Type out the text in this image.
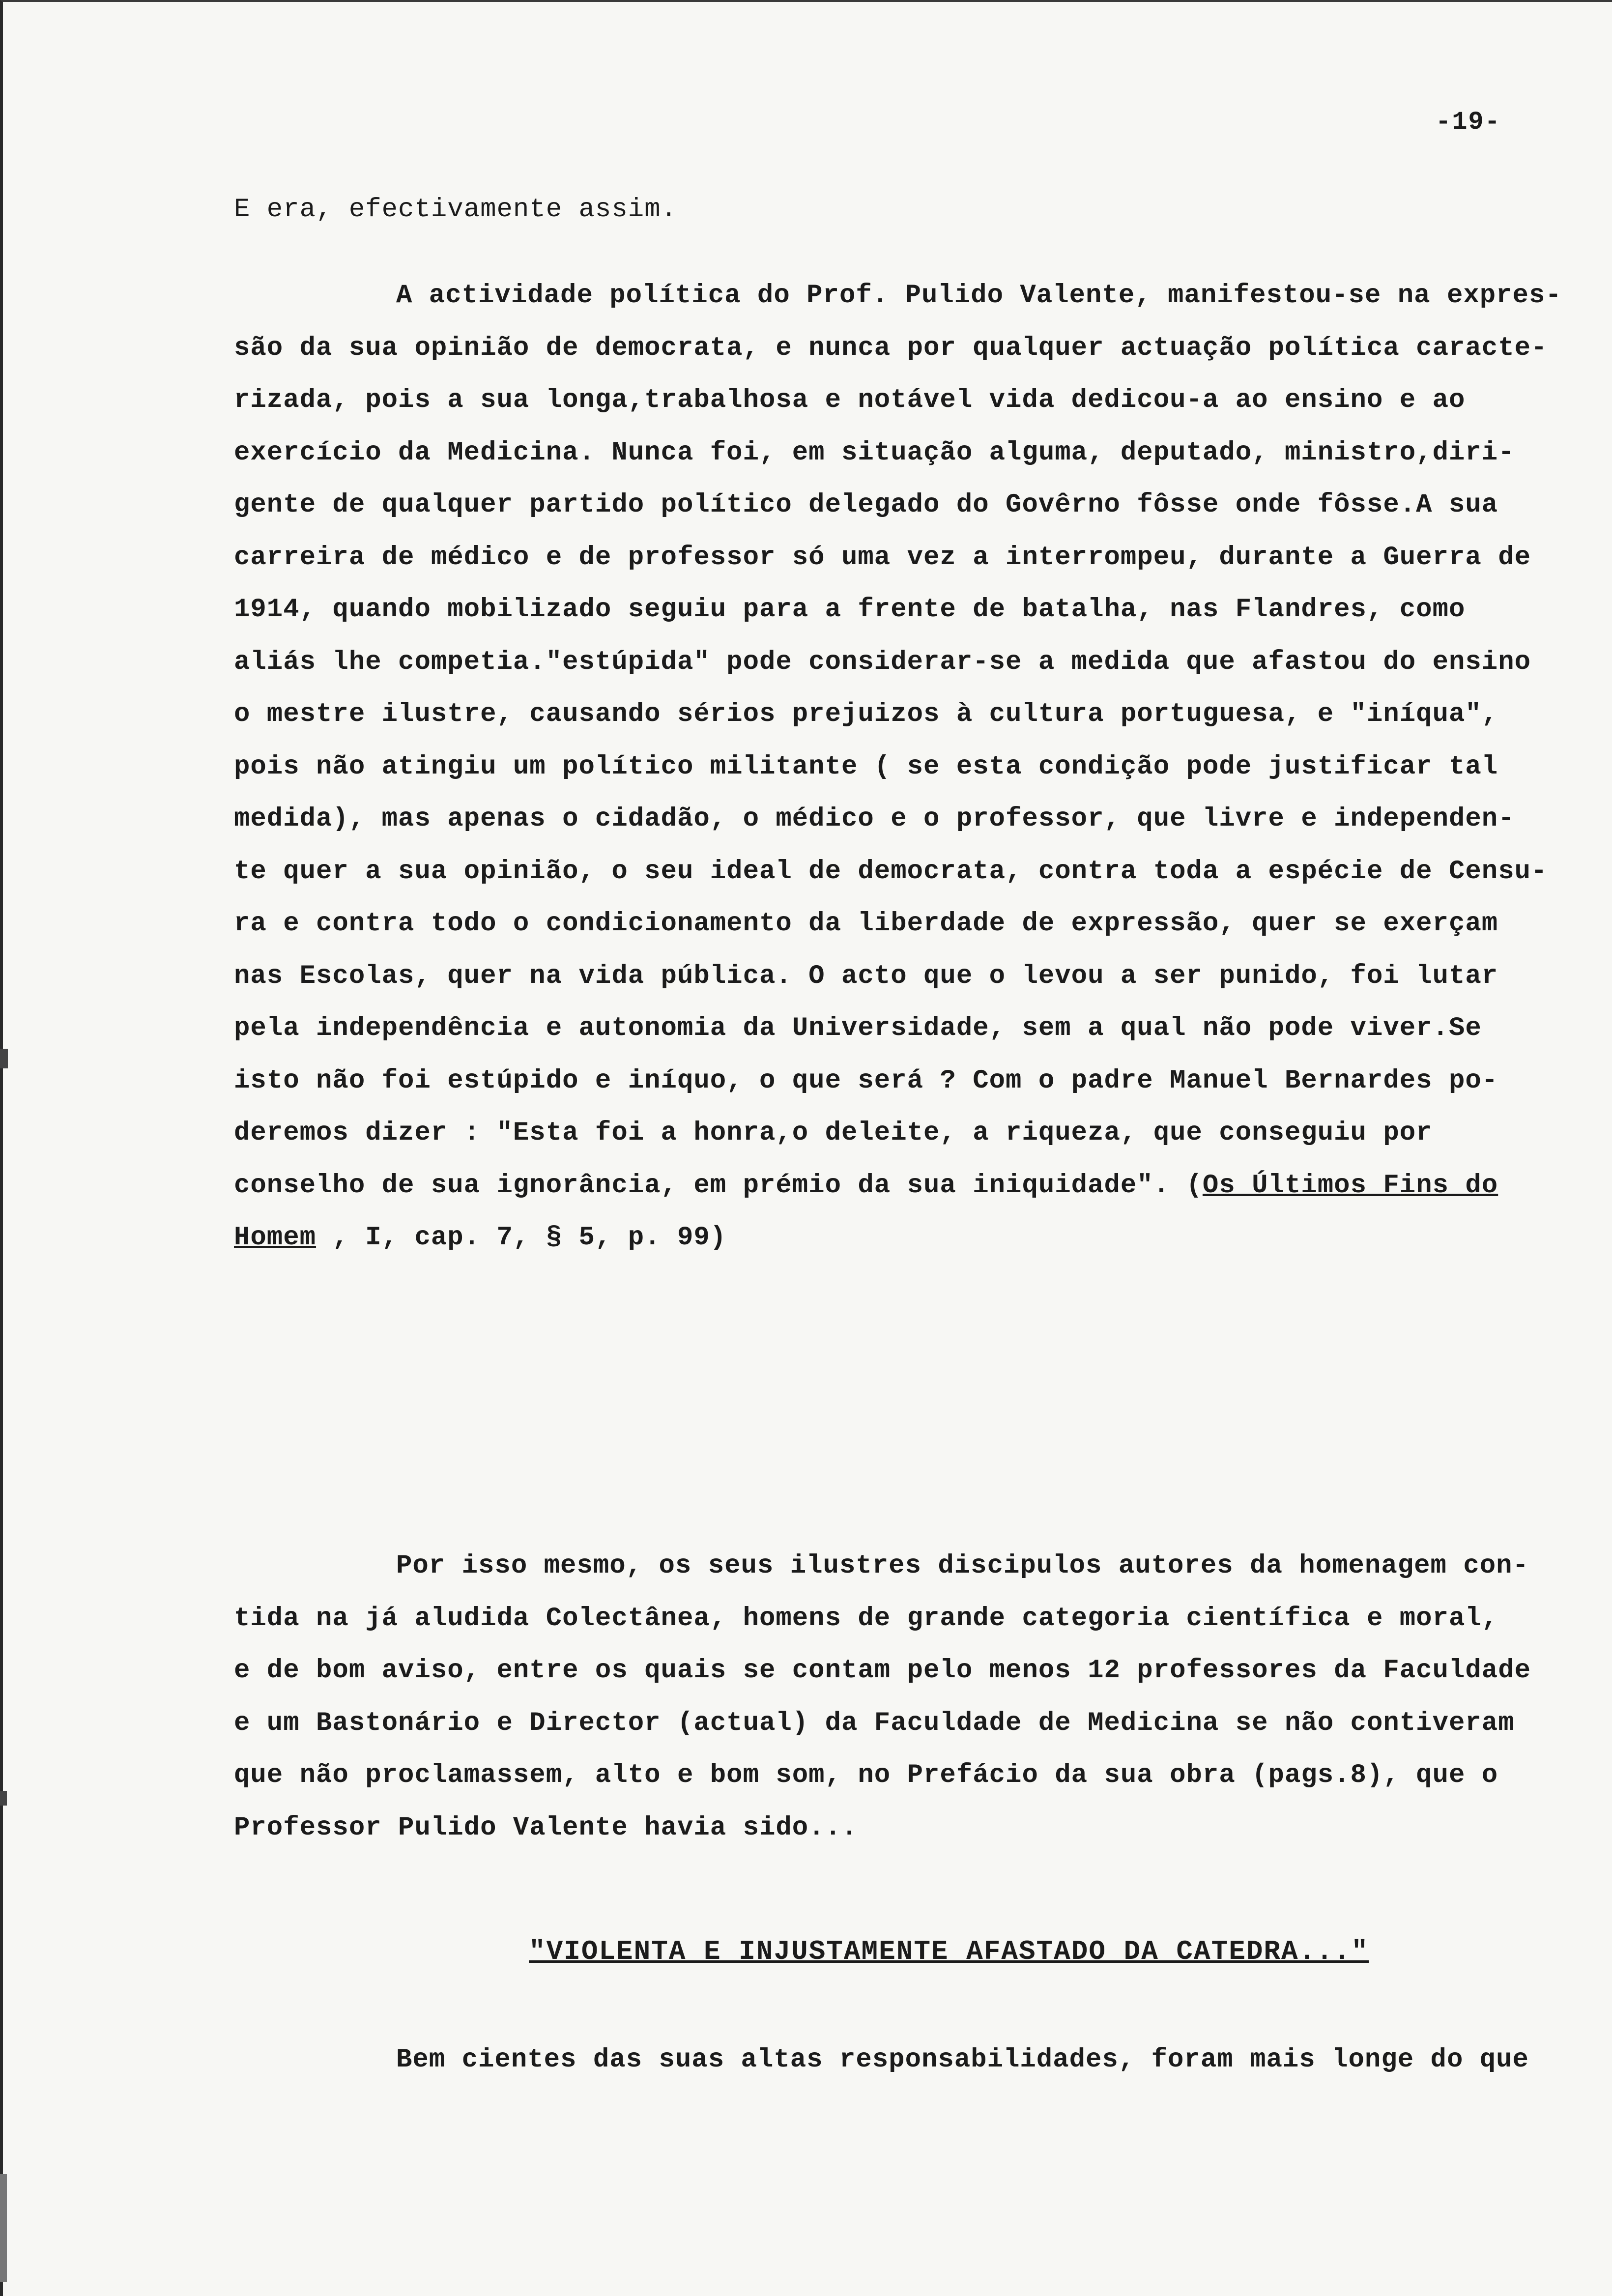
-19-
E era, efectivamente assim.
A actividade política do Prof. Pulido Valente, manifestou-se na expres-
são da sua opinião de democrata, e nunca por qualquer actuação política caracte-
rizada, pois a sua longa,trabalhosa e notável vida dedicou-a ao ensino e ao
exercício da Medicina. Nunca foi, em situação alguma, deputado, ministro,diri-
gente de qualquer partido político delegado do Govêrno fôsse onde fôsse.A sua
carreira de médico e de professor só uma vez a interrompeu, durante a Guerra de
1914, quando mobilizado seguiu para a frente de batalha, nas Flandres, como
aliás lhe competia."estúpida" pode considerar-se a medida que afastou do ensino
o mestre ilustre, causando sérios prejuizos à cultura portuguesa, e "iníqua",
pois não atingiu um político militante ( se esta condição pode justificar tal
medida), mas apenas o cidadão, o médico e o professor, que livre e independen-
te quer a sua opinião, o seu ideal de democrata, contra toda a espécie de Censu-
ra e contra todo o condicionamento da liberdade de expressão, quer se exerçam
nas Escolas, quer na vida pública. O acto que o levou a ser punido, foi lutar
pela independência e autonomia da Universidade, sem a qual não pode viver.Se
isto não foi estúpido e iníquo, o que será ? Com o padre Manuel Bernardes po-
deremos dizer : "Esta foi a honra,o deleite, a riqueza, que conseguiu por
conselho de sua ignorância, em prémio da sua iniquidade". (Os Últimos Fins do
Homem , I, cap. 7, § 5, p. 99)
Por isso mesmo, os seus ilustres discipulos autores da homenagem con-
tida na já aludida Colectânea, homens de grande categoria científica e moral,
e de bom aviso, entre os quais se contam pelo menos 12 professores da Faculdade
e um Bastonário e Director (actual) da Faculdade de Medicina se não contiveram
que não proclamassem, alto e bom som, no Prefácio da sua obra (pags.8), que o
Professor Pulido Valente havia sido...
"VIOLENTA E INJUSTAMENTE AFASTADO DA CATEDRA..."
Bem cientes das suas altas responsabilidades, foram mais longe do que
